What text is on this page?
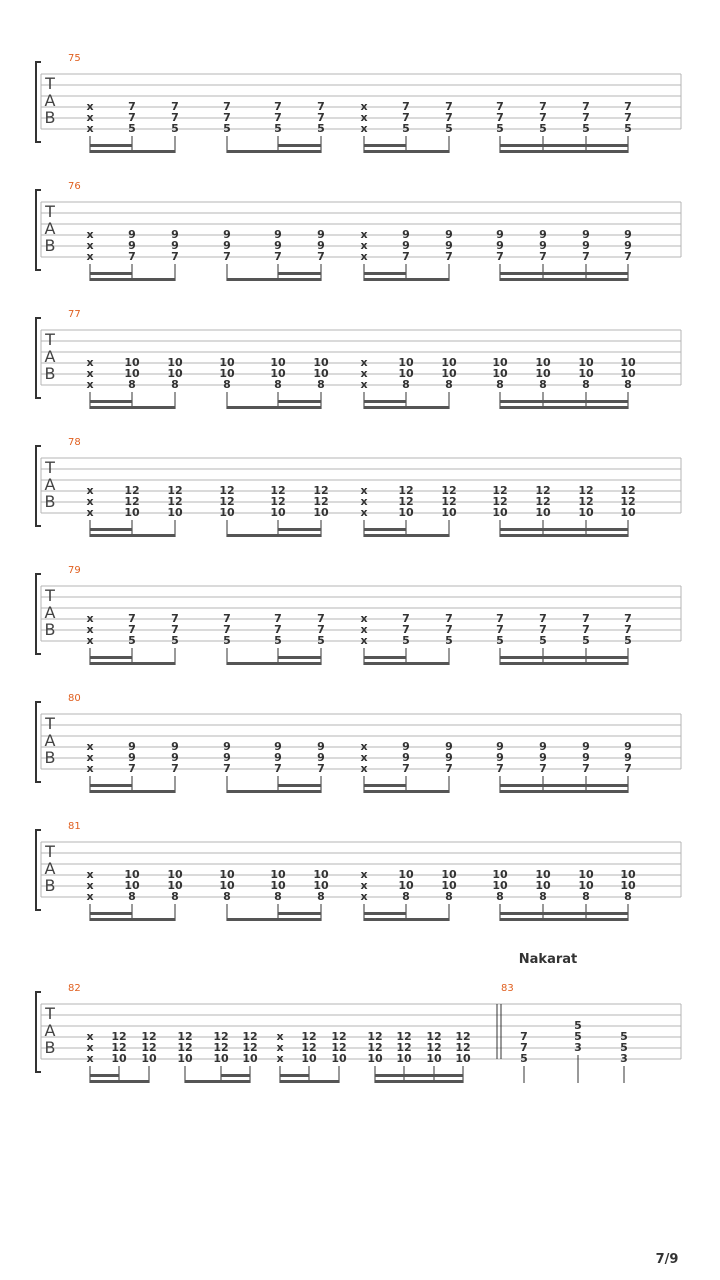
75
T
A
B
x
x
x
7
7
5
7
7
5
7
7
5
7
7
5
7
7
5
x
x
x
7
7
5
7
7
5
7
7
5
7
7
5
7
7
5
7
7
5
76
T
A
B
x
x
x
9
9
7
9
9
7
9
9
7
9
9
7
9
9
7
x
x
x
9
9
7
9
9
7
9
9
7
9
9
7
9
9
7
9
9
7
77
T
A
B
x
x
x
10
10
8
10
10
8
10
10
8
10
10
8
10
10
8
x
x
x
10
10
8
10
10
8
10
10
8
10
10
8
10
10
8
10
10
8
78
T
A
B
x
x
x
12
12
10
12
12
10
12
12
10
12
12
10
12
12
10
x
x
x
12
12
10
12
12
10
12
12
10
12
12
10
12
12
10
12
12
10
79
T
A
B
x
x
x
7
7
5
7
7
5
7
7
5
7
7
5
7
7
5
x
x
x
7
7
5
7
7
5
7
7
5
7
7
5
7
7
5
7
7
5
80
T
A
B
x
x
x
9
9
7
9
9
7
9
9
7
9
9
7
9
9
7
x
x
x
9
9
7
9
9
7
9
9
7
9
9
7
9
9
7
9
9
7
81
T
A
B
x
x
x
10
10
8
10
10
8
10
10
8
10
10
8
10
10
8
x
x
x
10
10
8
10
10
8
10
10
8
10
10
8
10
10
8
10
10
8
82	83
T
A
B
x
x
x
12
12
10
12
12
10
12
12
10
12
12
10
12
12
10
x
x
x
12
12
10
12
12
10
12
12
10
12
12
10
12
12
10
12
12
10
7
7
5
5
5
3
5
5
3
Nakarat
7/9
